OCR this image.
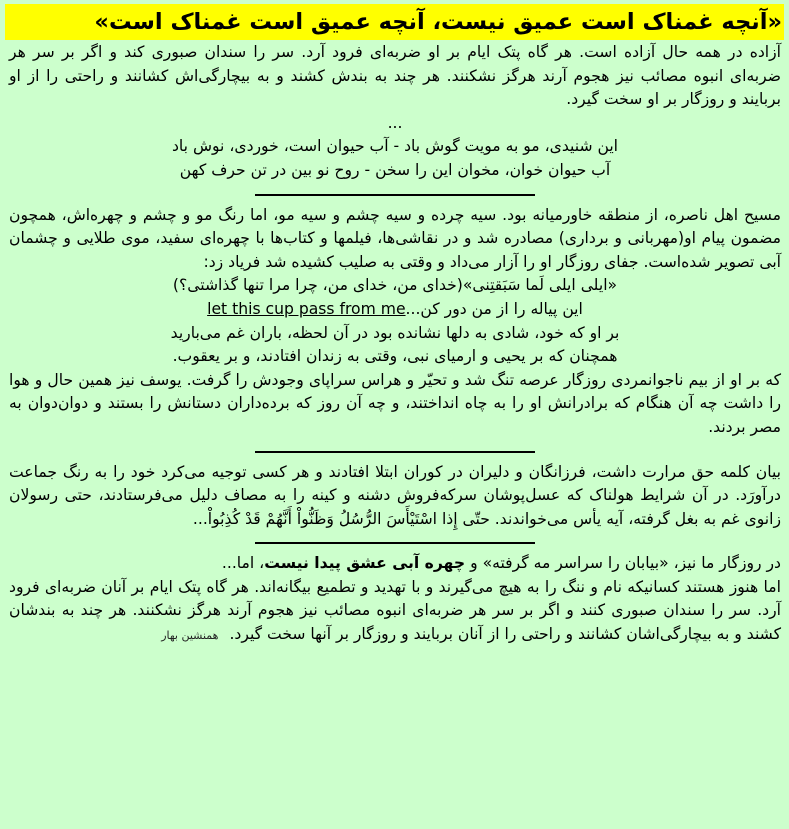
«آنچه غمناک است عمیق نیست، آنچه عمیق است غمناک است»

آزاده در همه حال آزاده است. هر گاه پتک ایام بر او ضربه‌ای فرود آرد. سر را سندان صبوری کند و اگر بر سر هر ضربه‌ای انبوه مصائب نیز هجوم آرند هرگز نشکنند. هر چند به بندش کشند و به بیچارگی‌اش کشانند و راحتی را از او بربایند و روزگار بر او سخت گیرد.

...

این شنیدی، مو به مویت گوش باد - آب حیوان است، خوردی، نوش باد

آب حیوان خوان، مخوان این را سخن - روح نو بین در تن حرف کهن

مسیح اهل ناصره، از منطقه خاورمیانه بود. سیه چرده و سیه چشم و سیه مو، اما رنگ مو و چشم و چهره‌اش، همچون مضمون پیام او(مهربانی و برداری) مصادره شد و در نقاشی‌ها، فیلمها و کتاب‌ها با چهره‌ای سفید، موی طلایی و چشمان آبی تصویر شده‌است. جفای روزگار او را آزار می‌داد و وقتی به صلیب کشیده شد فریاد زد:

«ایلی ایلی لَما سَبَقتِنی»(خدای من، خدای من، چرا مرا تنها گذاشتی؟)

این پیاله را از من دور کن...let this cup pass from me

بر او که خود، شادی به دلها نشانده بود در آن لحظه، باران غم می‌بارید

همچنان که بر یحیی و ارمیای نبی، وقتی به زندان افتادند، و بر یعقوب.

که بر او از بیم ناجوانمردی روزگار عرصه تنگ شد و تحیّر و هراس سراپای وجودش را گرفت. یوسف نیز همین حال و هوا را داشت چه آن هنگام که برادرانش او را به چاه انداختند، و چه آن روز که برده‌داران دستانش را بستند و دوان‌دوان به مصر بردند.

بیان کلمه حق مرارت داشت، فرزانگان و دلیران در کوران ابتلا افتادند و هر کسی توجیه می‌کرد خود را به رنگ جماعت درآورَد. در آن شرایط هولناک که عسل‌پوشان سرکه‌فروش دشنه و کینه را به مصاف دلیل می‌فرستادند، حتی رسولان زانوی غم به بغل گرفته، آیه یأس می‌خواندند. حتّی إِذا اسْتَیْأَسَ الرُّسُلُ وَظَنُّواْ أَنَّهُمْ قَدْ کُذِبُواْ...

در روزگار ما نیز، «بیابان را سراسر مه گرفته» و چهره آبی عشق پیدا نیست، اما...

اما هنوز هستند کسانیکه نام و ننگ را به هیچ می‌گیرند و با تهدید و تطمیع بیگانه‌اند. هر گاه پتک ایام بر آنان ضربه‌ای فرود آرد. سر را سندان صبوری کنند و اگر بر سر هر ضربه‌ای انبوه مصائب نیز هجوم آرند هرگز نشکنند. هر چند به بندشان کشند و به بیچارگی‌اشان کشانند و راحتی را از آنان بربایند و روزگار بر آنها سخت گیرد. همنشین بهار
